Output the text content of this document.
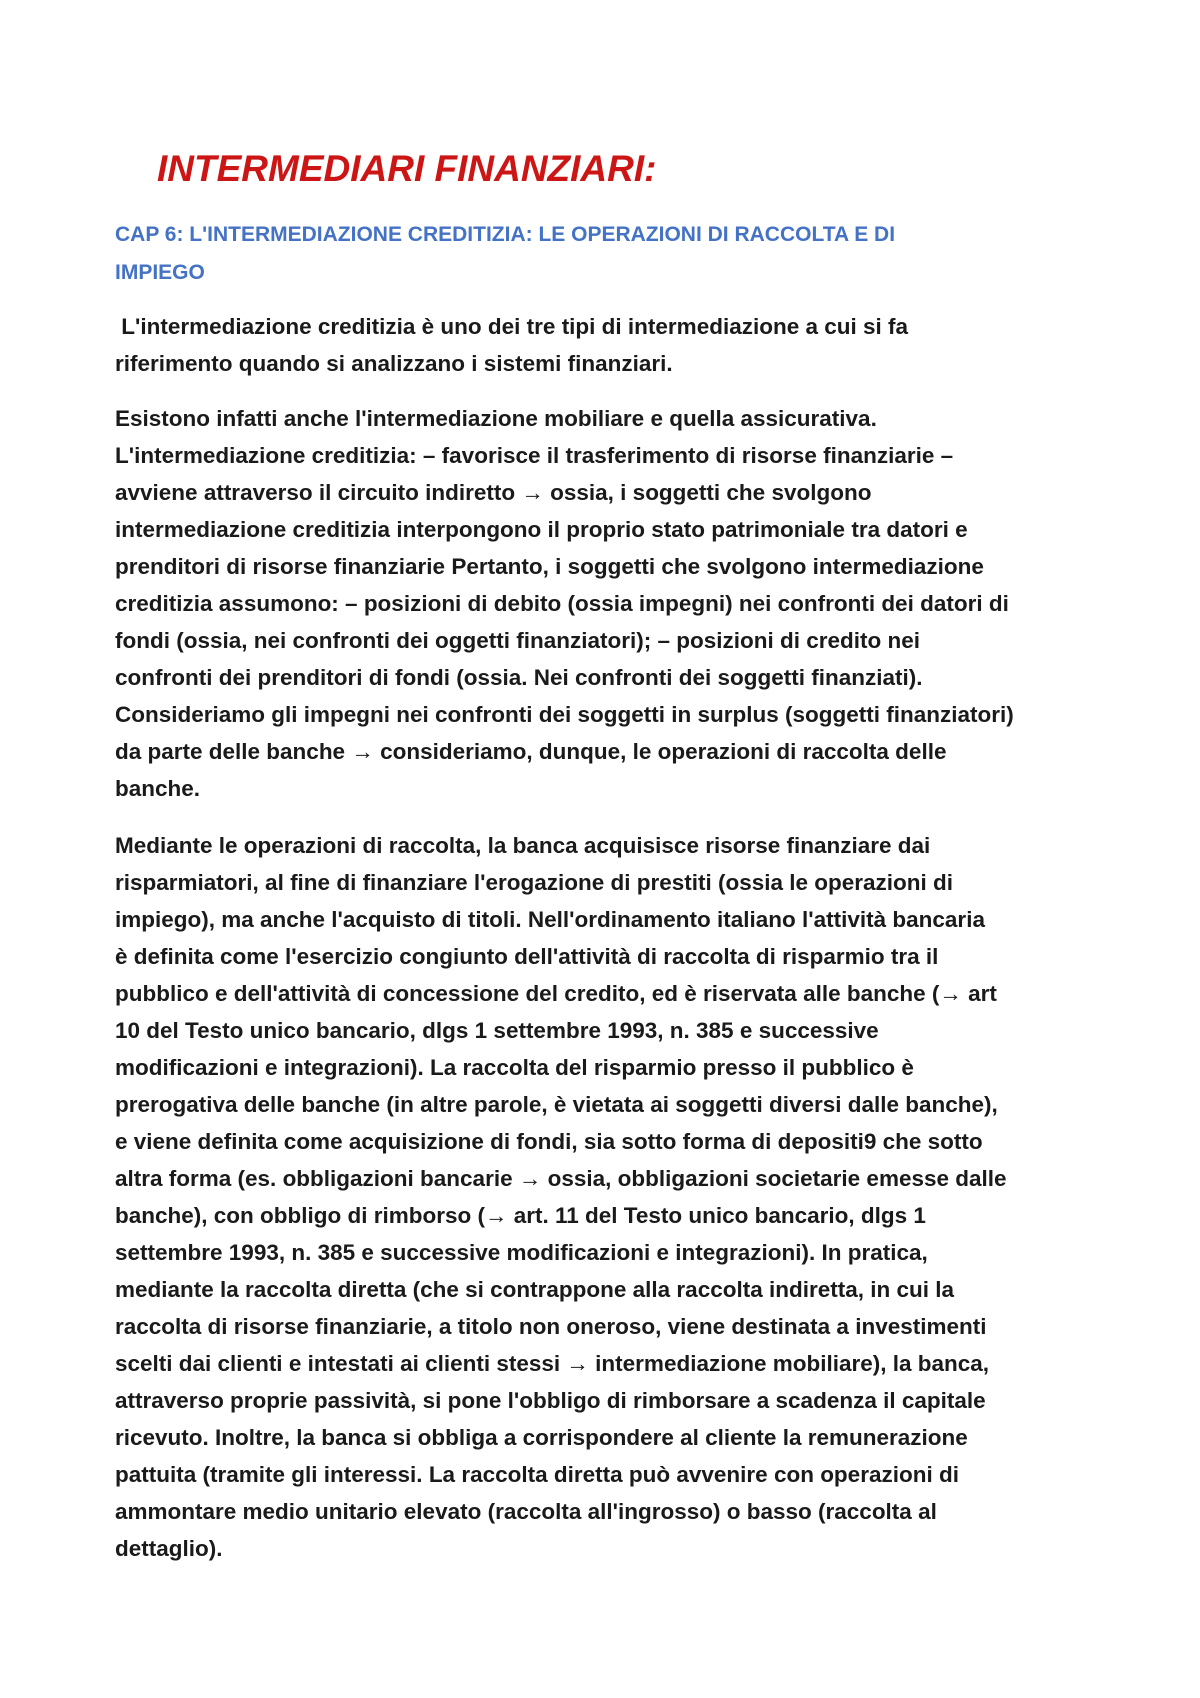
INTERMEDIARI FINANZIARI:
CAP 6: L'INTERMEDIAZIONE CREDITIZIA: LE OPERAZIONI DI RACCOLTA E DI
IMPIEGO
L'intermediazione creditizia è uno dei tre tipi di intermediazione a cui si fa
riferimento quando si analizzano i sistemi finanziari.
Esistono infatti anche l'intermediazione mobiliare e quella assicurativa.
L'intermediazione creditizia: – favorisce il trasferimento di risorse finanziarie –
avviene attraverso il circuito indiretto → ossia, i soggetti che svolgono
intermediazione creditizia interpongono il proprio stato patrimoniale tra datori e
prenditori di risorse finanziarie Pertanto, i soggetti che svolgono intermediazione
creditizia assumono: – posizioni di debito (ossia impegni) nei confronti dei datori di
fondi (ossia, nei confronti dei oggetti finanziatori); – posizioni di credito nei
confronti dei prenditori di fondi (ossia. Nei confronti dei soggetti finanziati).
Consideriamo gli impegni nei confronti dei soggetti in surplus (soggetti finanziatori)
da parte delle banche → consideriamo, dunque, le operazioni di raccolta delle
banche.
Mediante le operazioni di raccolta, la banca acquisisce risorse finanziare dai
risparmiatori, al fine di finanziare l'erogazione di prestiti (ossia le operazioni di
impiego), ma anche l'acquisto di titoli. Nell'ordinamento italiano l'attività bancaria
è definita come l'esercizio congiunto dell'attività di raccolta di risparmio tra il
pubblico e dell'attività di concessione del credito, ed è riservata alle banche (→ art
10 del Testo unico bancario, dlgs 1 settembre 1993, n. 385 e successive
modificazioni e integrazioni). La raccolta del risparmio presso il pubblico è
prerogativa delle banche (in altre parole, è vietata ai soggetti diversi dalle banche),
e viene definita come acquisizione di fondi, sia sotto forma di depositi9 che sotto
altra forma (es. obbligazioni bancarie → ossia, obbligazioni societarie emesse dalle
banche), con obbligo di rimborso (→ art. 11 del Testo unico bancario, dlgs 1
settembre 1993, n. 385 e successive modificazioni e integrazioni). In pratica,
mediante la raccolta diretta (che si contrappone alla raccolta indiretta, in cui la
raccolta di risorse finanziarie, a titolo non oneroso, viene destinata a investimenti
scelti dai clienti e intestati ai clienti stessi → intermediazione mobiliare), la banca,
attraverso proprie passività, si pone l'obbligo di rimborsare a scadenza il capitale
ricevuto. Inoltre, la banca si obbliga a corrispondere al cliente la remunerazione
pattuita (tramite gli interessi. La raccolta diretta può avvenire con operazioni di
ammontare medio unitario elevato (raccolta all'ingrosso) o basso (raccolta al
dettaglio).
